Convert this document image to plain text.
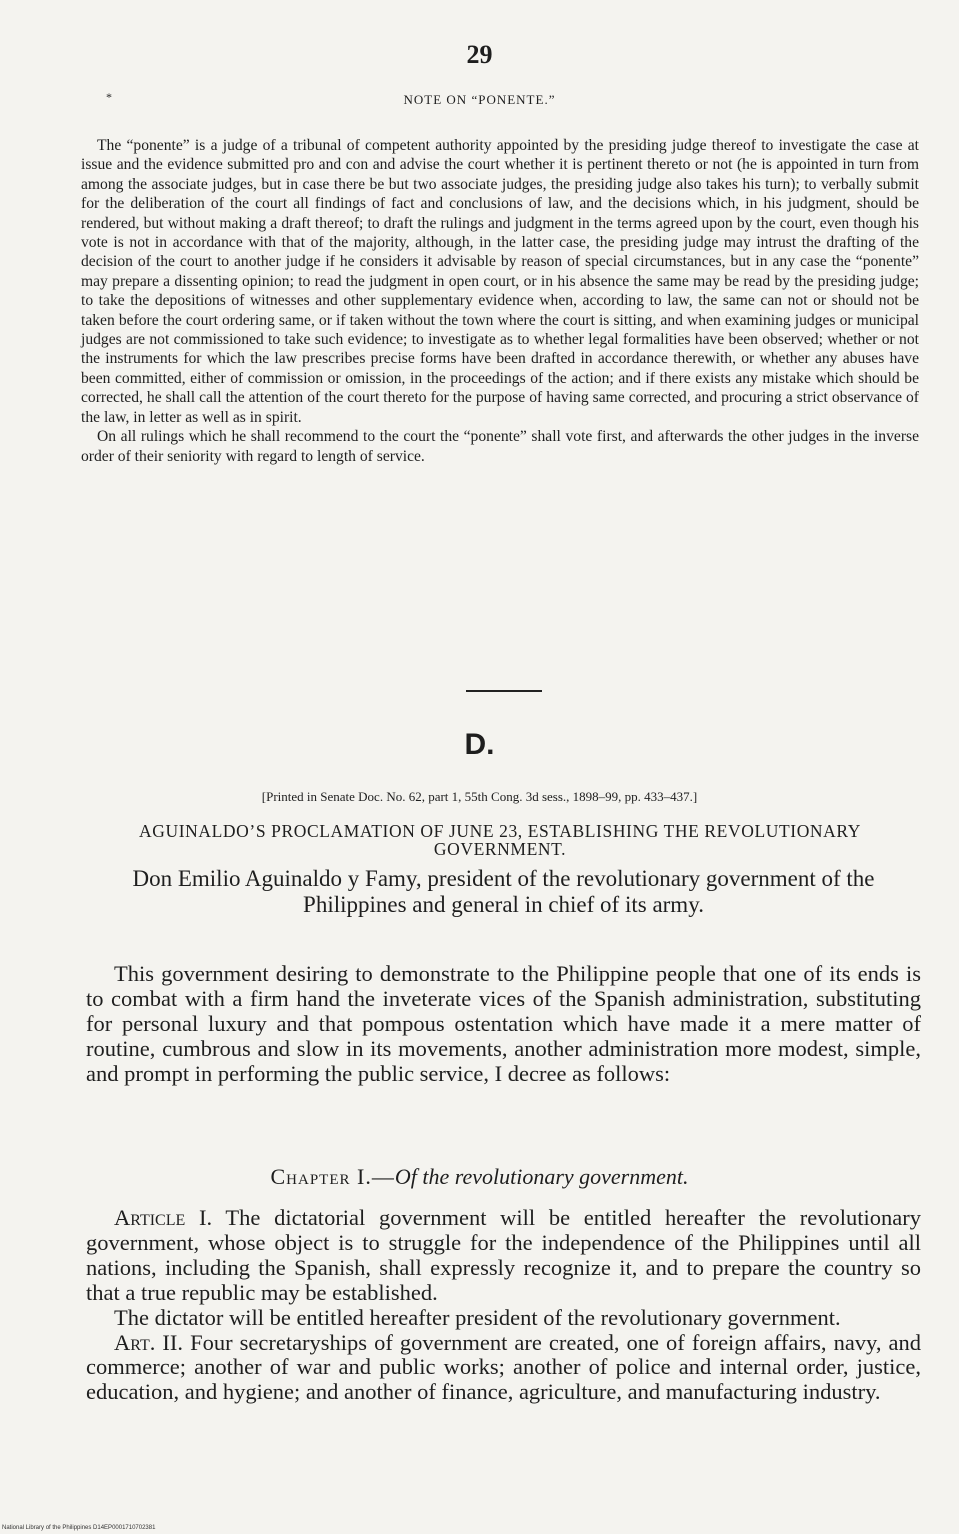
29
*	NOTE ON “PONENTE.”

The “ponente” is a judge of a tribunal of competent authority appointed by the presiding judge thereof to investigate the case at issue and the evidence submitted pro and con and advise the court whether it is pertinent thereto or not (he is appointed in turn from among the associate judges, but in case there be but two associate judges, the presiding judge also takes his turn); to verbally submit for the deliberation of the court all findings of fact and conclusions of law, and the decisions which, in his judgment, should be rendered, but without making a draft thereof; to draft the rulings and judgment in the terms agreed upon by the court, even though his vote is not in accordance with that of the majority, although, in the latter case, the presiding judge may intrust the drafting of the decision of the court to another judge if he considers it advisable by reason of special circumstances, but in any case the “ponente” may prepare a dissenting opinion; to read the judgment in open court, or in his absence the same may be read by the presiding judge; to take the depositions of witnesses and other supplementary evidence when, according to law, the same can not or should not be taken before the court ordering same, or if taken without the town where the court is sitting, and when examining judges or municipal judges are not commissioned to take such evidence; to investigate as to whether legal formalities have been observed; whether or not the instruments for which the law prescribes precise forms have been drafted in accordance therewith, or whether any abuses have been committed, either of commission or omission, in the proceedings of the action; and if there exists any mistake which should be corrected, he shall call the attention of the court thereto for the purpose of having same corrected, and procuring a strict observance of the law, in letter as well as in spirit.

On all rulings which he shall recommend to the court the “ponente” shall vote first, and afterwards the other judges in the inverse order of their seniority with regard to length of service.

D.
[Printed in Senate Doc. No. 62, part 1, 55th Cong. 3d sess., 1898–99, pp. 433–437.]
AGUINALDO’S PROCLAMATION OF JUNE 23, ESTABLISHING THE REVOLUTIONARY GOVERNMENT.
Don Emilio Aguinaldo y Famy, president of the revolutionary government of the Philippines and general in chief of its army.

This government desiring to demonstrate to the Philippine people that one of its ends is to combat with a firm hand the inveterate vices of the Spanish administration, substituting for personal luxury and that pompous ostentation which have made it a mere matter of routine, cumbrous and slow in its movements, another administration more modest, simple, and prompt in performing the public service, I decree as follows:

Chapter I.—Of the revolutionary government.

Article I. The dictatorial government will be entitled hereafter the revolutionary government, whose object is to struggle for the independence of the Philippines until all nations, including the Spanish, shall expressly recognize it, and to prepare the country so that a true republic may be established.

The dictator will be entitled hereafter president of the revolutionary government.

Art. II. Four secretaryships of government are created, one of foreign affairs, navy, and commerce; another of war and public works; another of police and internal order, justice, education, and hygiene; and another of finance, agriculture, and manufacturing industry.

National Library of the Philippines D14EP0001710702381
